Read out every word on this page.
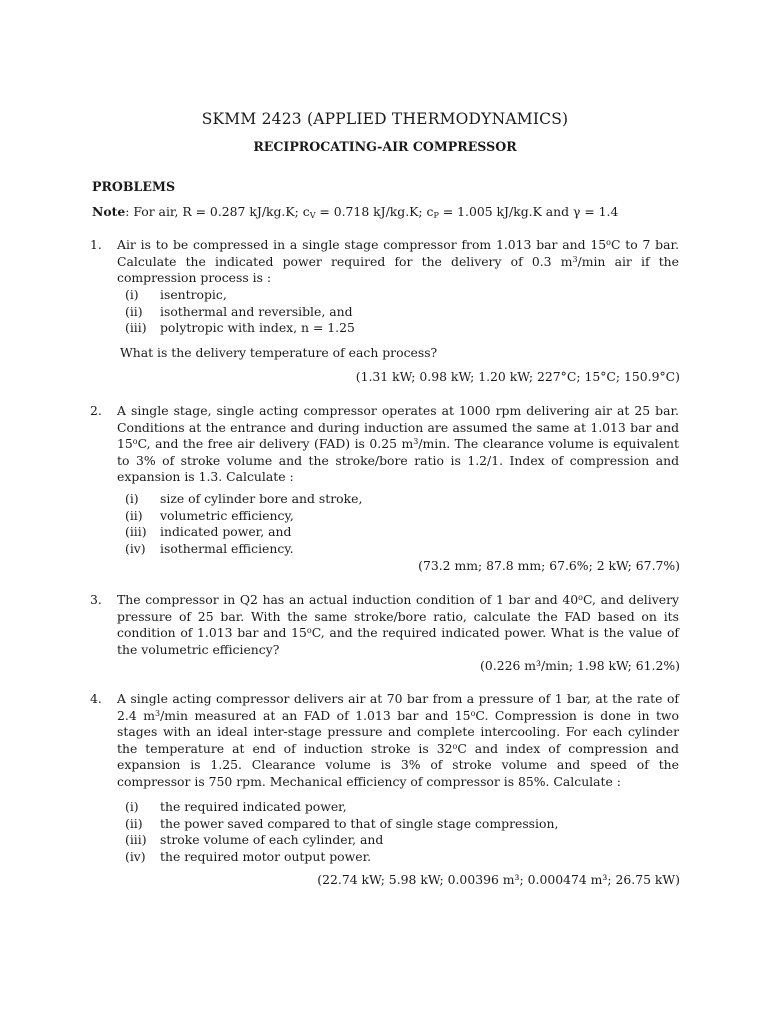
SKMM 2423 (APPLIED THERMODYNAMICS)
RECIPROCATING-AIR COMPRESSOR
PROBLEMS
Note: For air, R = 0.287 kJ/kg.K; cV = 0.718 kJ/kg.K; cP = 1.005 kJ/kg.K and γ = 1.4
1. Air is to be compressed in a single stage compressor from 1.013 bar and 15$^o$C to 7 bar. Calculate the indicated power required for the delivery of 0.3 $m^3/\min$ air if the compression process is :
(i) isentropic,
(ii) isothermal and reversible, and
(iii) polytropic with index, n = 1.25
What is the delivery temperature of each process?
(1.31 kW; 0.98 kW; 1.20 kW; 227°C; 15°C; 150.9°C)
2. A single stage, single acting compressor operates at 1000 rpm delivering air at 25 bar. Conditions at the entrance and during induction are assumed the same at 1.013 bar and 15$^o$C, and the free air delivery (FAD) is 0.25 $m^3/\min$. The clearance volume is equivalent to 3% of stroke volume and the stroke/bore ratio is 1.2/1. Index of compression and expansion is 1.3. Calculate :
(i) size of cylinder bore and stroke,
(ii) volumetric efficiency,
(iii) indicated power, and
(iv) isothermal efficiency.
(73.2 mm; 87.8 mm; 67.6%; 2 kW; 67.7%)
3. The compressor in Q2 has an actual induction condition of 1 bar and 40$^o$C, and delivery pressure of 25 bar. With the same stroke/bore ratio, calculate the FAD based on its condition of 1.013 bar and 15$^o$C, and the required indicated power. What is the value of the volumetric efficiency?
(0.226 m³/min; 1.98 kW; 61.2%)
4. A single acting compressor delivers air at 70 bar from a pressure of 1 bar, at the rate of 2.4 $m^3/\min$ measured at an FAD of 1.013 bar and 15$^o$C. Compression is done in two stages with an ideal inter-stage pressure and complete intercooling. For each cylinder the temperature at end of induction stroke is 32$^o$C and index of compression and expansion is 1.25. Clearance volume is 3% of stroke volume and speed of the compressor is 750 rpm. Mechanical efficiency of compressor is 85%. Calculate :
(i) the required indicated power,
(ii) the power saved compared to that of single stage compression,
(iii) stroke volume of each cylinder, and
(iv) the required motor output power.
(22.74 kW; 5.98 kW; 0.00396 m³; 0.000474 m³; 26.75 kW)
